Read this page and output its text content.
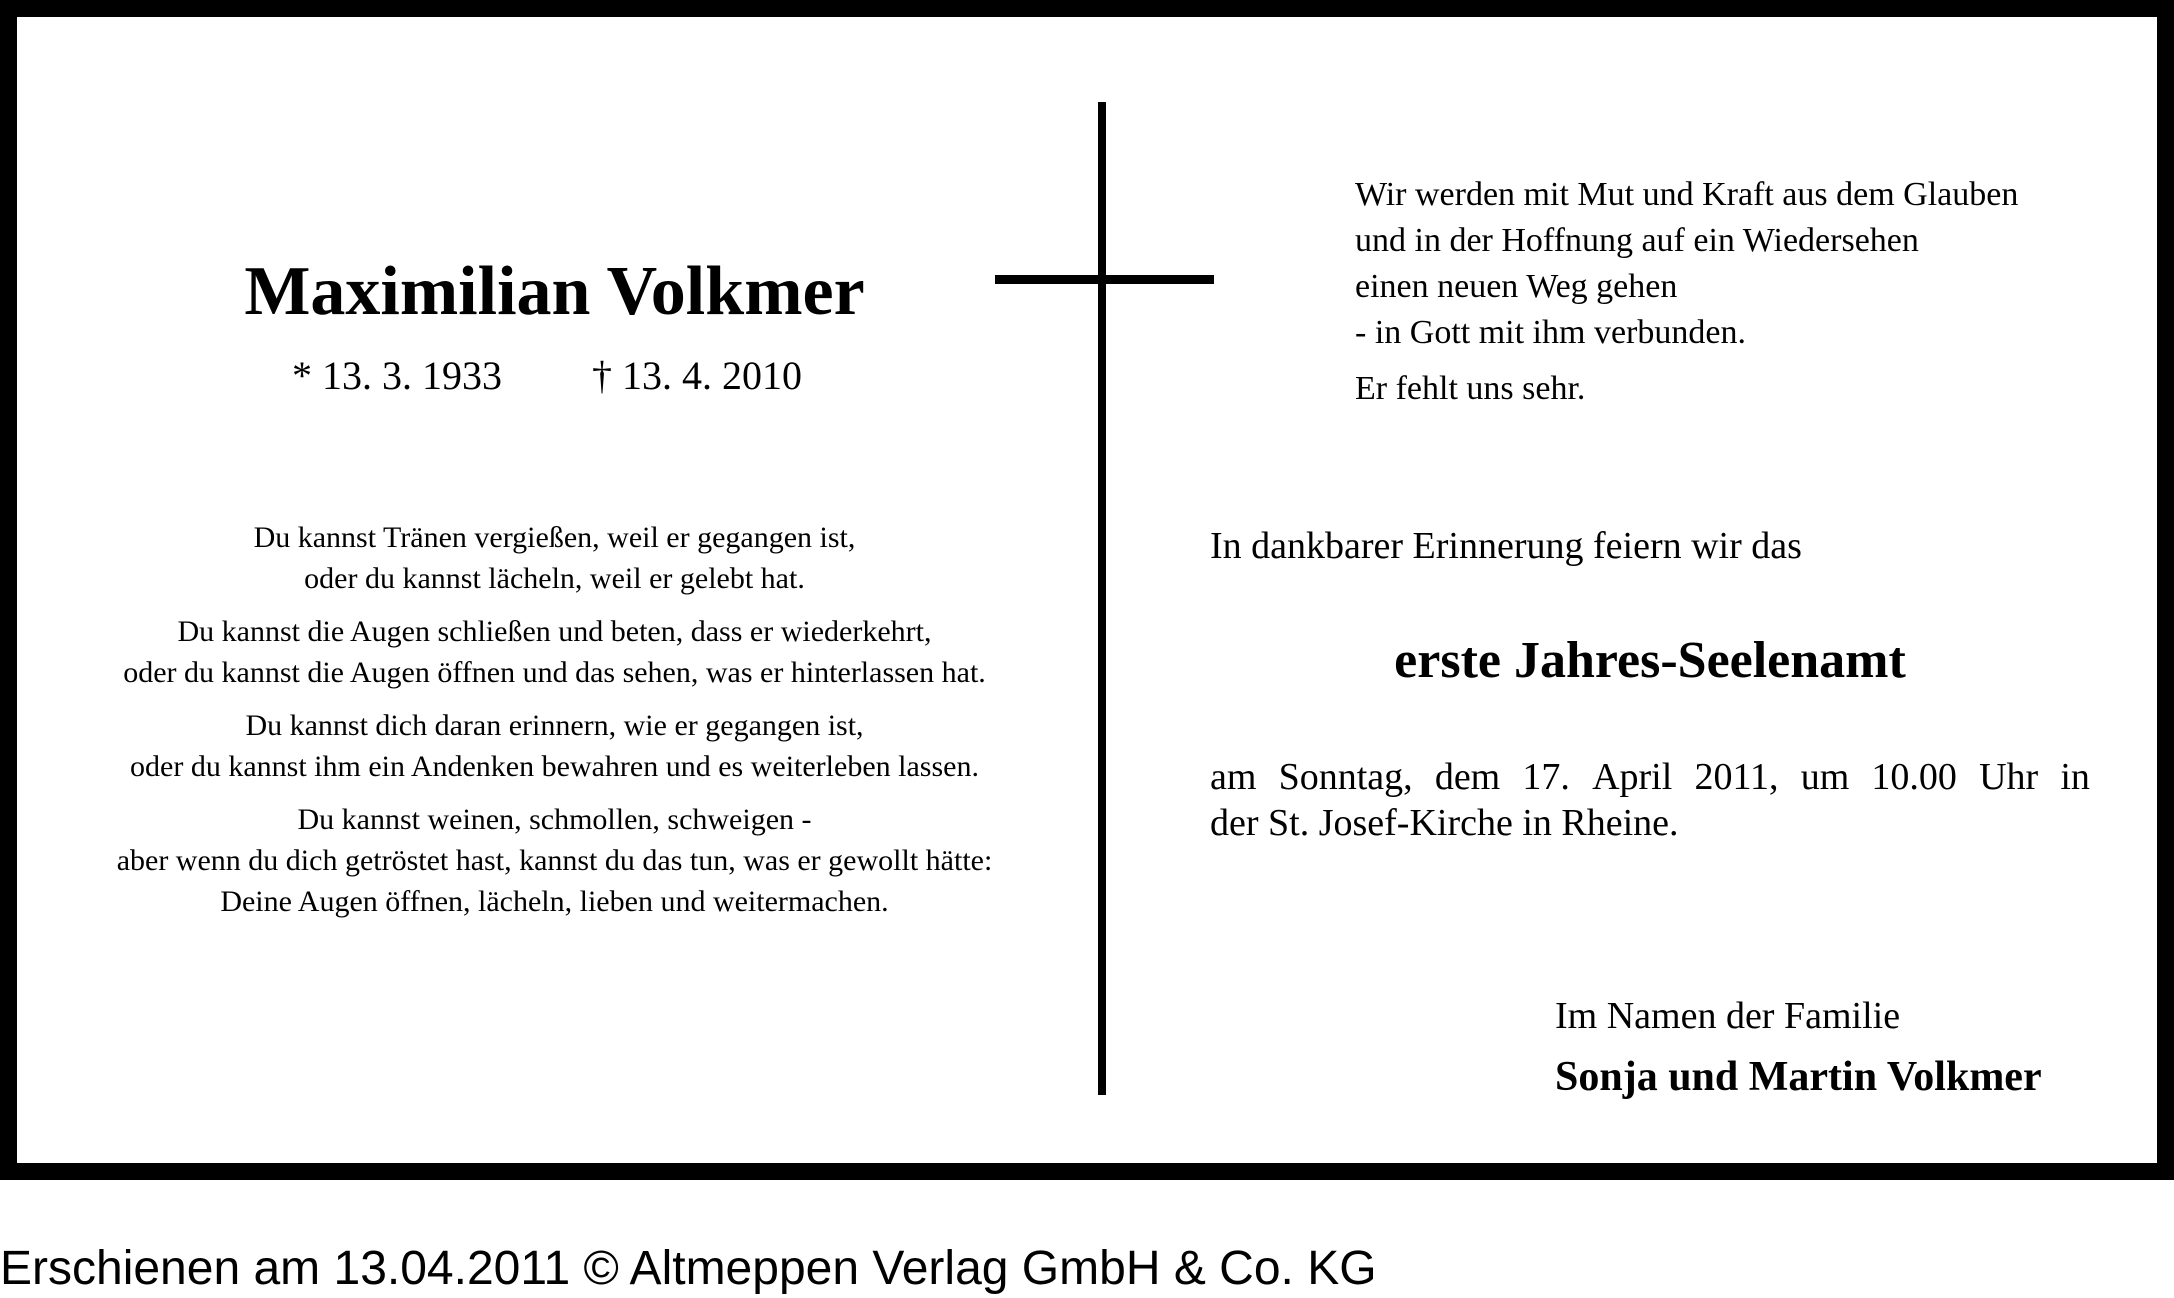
Maximilian Volkmer
* 13. 3. 1933 † 13. 4. 2010
Du kannst Tränen vergießen, weil er gegangen ist,
oder du kannst lächeln, weil er gelebt hat.
Du kannst die Augen schließen und beten, dass er wiederkehrt,
oder du kannst die Augen öffnen und das sehen, was er hinterlassen hat.
Du kannst dich daran erinnern, wie er gegangen ist,
oder du kannst ihm ein Andenken bewahren und es weiterleben lassen.
Du kannst weinen, schmollen, schweigen -
aber wenn du dich getröstet hast, kannst du das tun, was er gewollt hätte:
Deine Augen öffnen, lächeln, lieben und weitermachen.
Wir werden mit Mut und Kraft aus dem Glauben
und in der Hoffnung auf ein Wiedersehen
einen neuen Weg gehen
- in Gott mit ihm verbunden.
Er fehlt uns sehr.
In dankbarer Erinnerung feiern wir das
erste Jahres-Seelenamt
am Sonntag, dem 17. April 2011, um 10.00 Uhr in
der St. Josef-Kirche in Rheine.
Im Namen der Familie
Sonja und Martin Volkmer
Erschienen am 13.04.2011 © Altmeppen Verlag GmbH & Co. KG
